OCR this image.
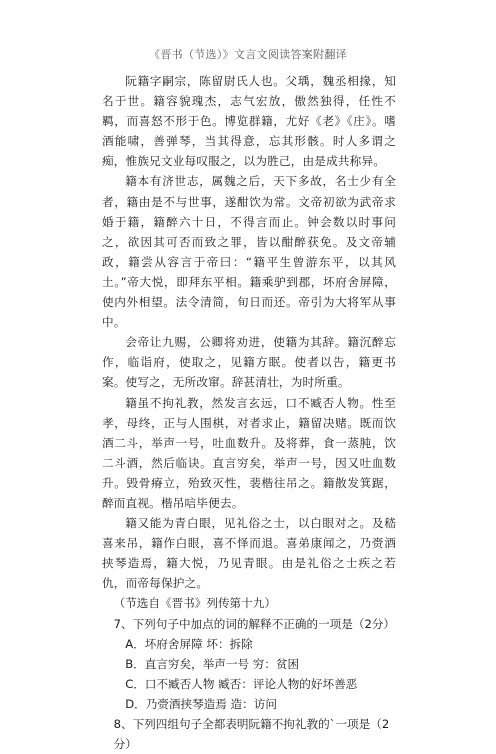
《晋书（节选）》文言文阅读答案附翻译

阮籍字嗣宗，陈留尉氏人也。父瑀，魏丞相掾，知名于世。籍容貌瑰杰，志气宏放，傲然独得，任性不羁，而喜怒不形于色。博览群籍，尤好《老》《庄》。嗜酒能啸，善弹琴，当其得意，忘其形骸。时人多谓之痴，惟族兄文业每叹服之，以为胜己，由是成共称异。

籍本有济世志，属魏之后，天下多故，名士少有全者，籍由是不与世事，遂酣饮为常。文帝初欲为武帝求婚于籍，籍醉六十日，不得言而止。钟会数以时事问之，欲因其可否而致之罪，皆以酣醉获免。及文帝辅政，籍尝从容言于帝曰：“籍平生曾游东平，以其风土。”帝大悦，即拜东平相。籍乘驴到郡，坏府舍屏障，使内外相望。法令清简，旬日而还。帝引为大将军从事中。

会帝让九赐，公卿将劝进，使籍为其辞。籍沉醉忘作，临诣府，使取之，见籍方眠。使者以告，籍更书案。使写之，无所改窜。辞甚清壮，为时所重。

籍虽不拘礼教，然发言玄远，口不臧否人物。性至孝，母终，正与人围棋，对者求止，籍留决赌。既而饮酒二斗，举声一号，吐血数升。及将葬，食一蒸肫，饮二斗酒，然后临诀。直言穷矣，举声一号，因又吐血数升。毁骨瘠立，殆致灭性，裴楷往吊之。籍散发箕踞，醉而直视。楷吊唁毕便去。

籍又能为青白眼，见礼俗之士，以白眼对之。及嵇喜来吊，籍作白眼，喜不怿而退。喜弟康闻之，乃赍酒挟琴造焉，籍大悦，乃见青眼。由是礼俗之士疾之若仇，而帝每保护之。

（节选自《晋书》列传第十九）

7、下列句子中加点的词的解释不正确的一项是（2分）

A．坏府舍屏障 坏：拆除

B．直言穷矣，举声一号 穷：贫困

C．口不臧否人物 臧否：评论人物的好坏善恶

D．乃赍酒挟琴造焉 造：访问

8、下列四组句子全都表明阮籍不拘礼教的`一项是（2分）
